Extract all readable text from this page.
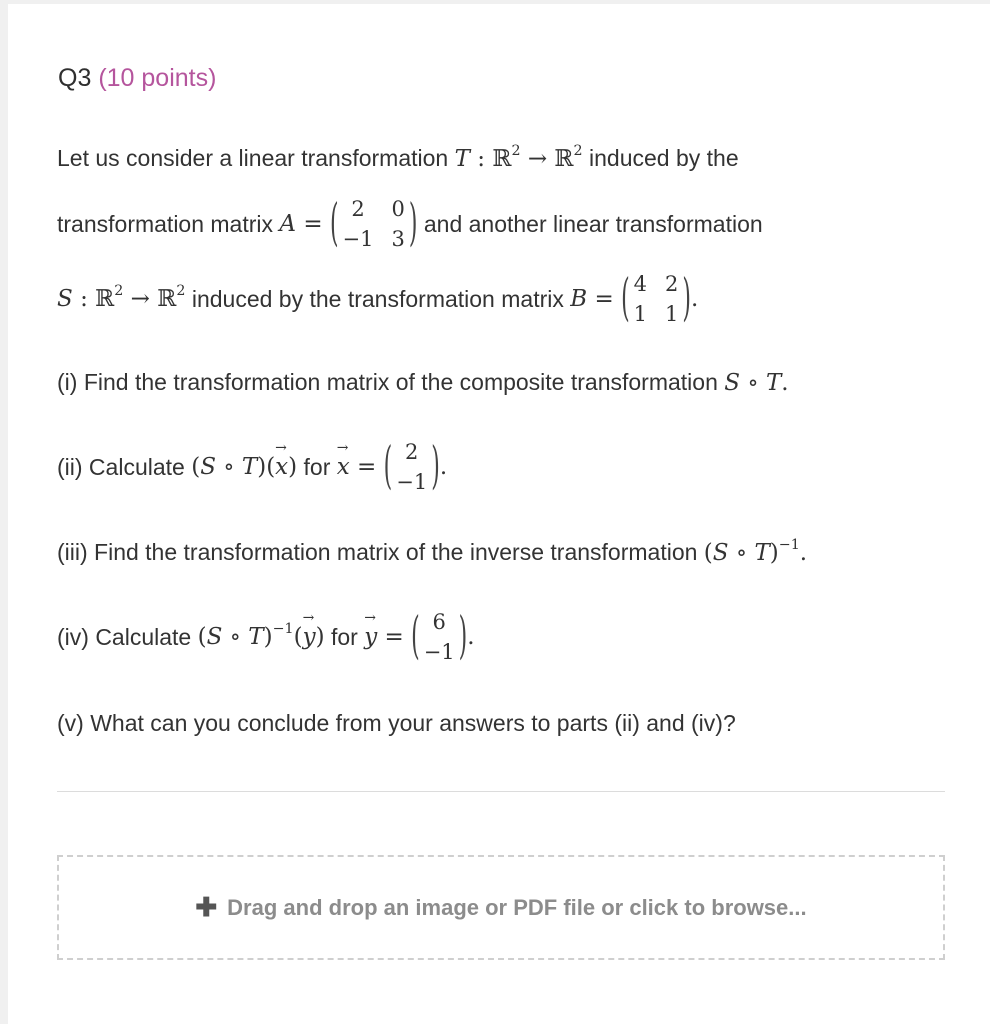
Q3 (10 points)
Let us consider a linear transformation T : ℝ$^2$ → ℝ$^2$ induced by the
transformation matrix
A = ( 2	0
−1 3 )
and another linear transformation
S : ℝ$^2$ → ℝ$^2$
induced by the transformation matrix
B = ( 4 2
1 1 ) .
(i) Find the transformation matrix of the composite transformation S ∘ T.
(ii) Calculate
(S ∘ T)(→ x)
for
→ x = ( 2
−1 ) .
(iii) Find the transformation matrix of the inverse transformation (S ∘ T)$^{-1}$.
(iv) Calculate
(S ∘ T)$^{-1}$(→ y)
for
→ y = ( 6
−1 ) .
(v) What can you conclude from your answers to parts (ii) and (iv)?
✚ Drag and drop an image or PDF file or click to browse...
